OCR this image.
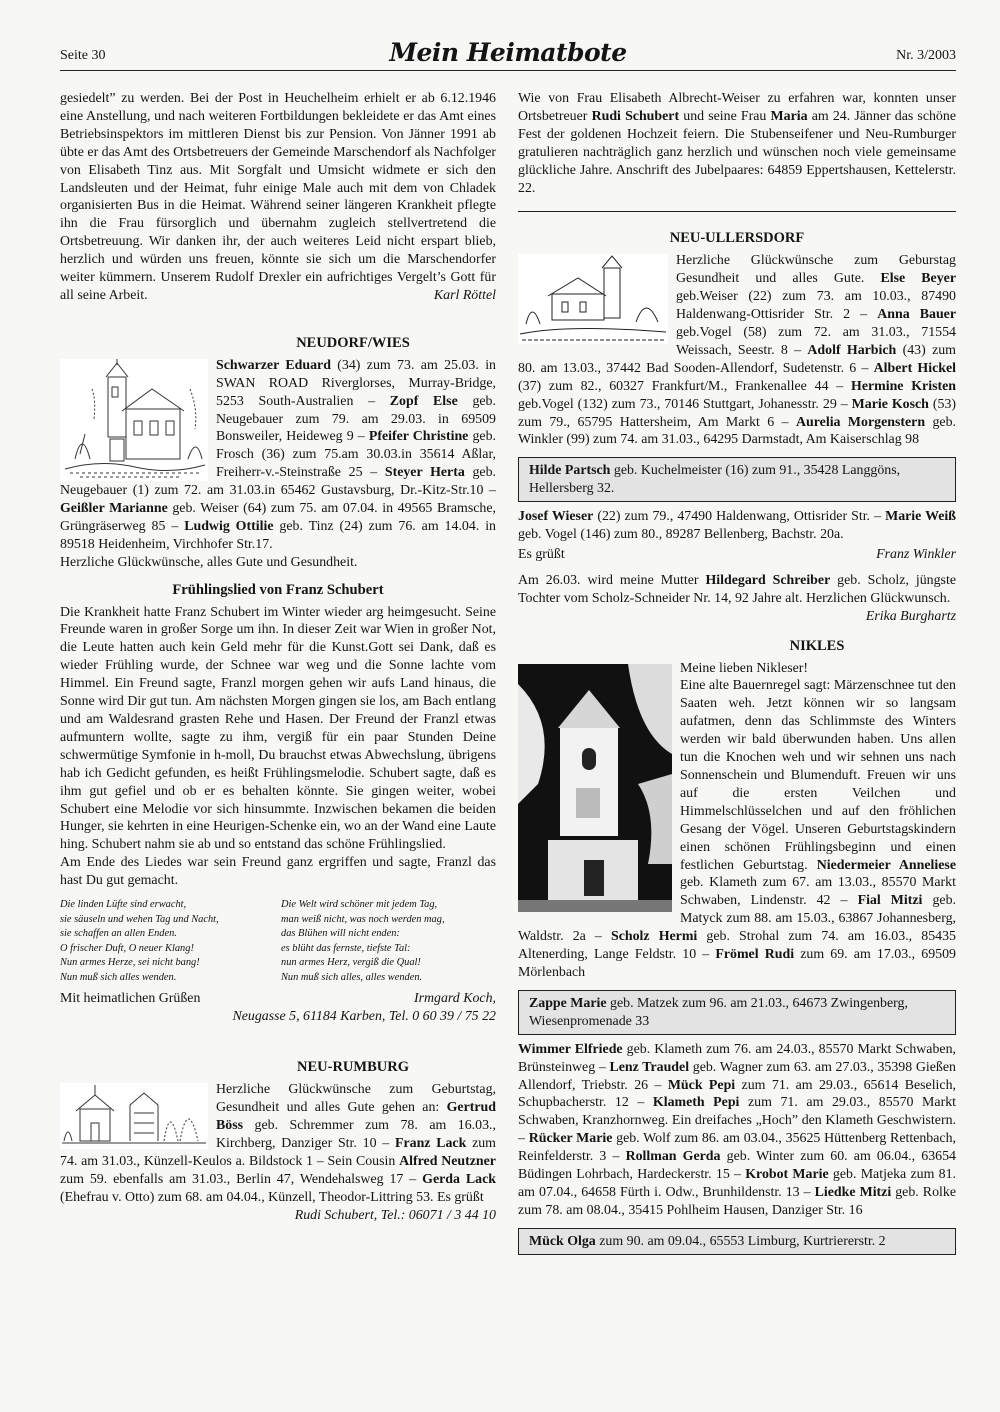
Seite 30	Mein Heimatbote	Nr. 3/2003

gesiedelt” zu werden. Bei der Post in Heuchelheim erhielt er ab 6.12.1946 eine Anstellung, und nach weiteren Fortbildungen bekleidete er das Amt eines Betriebsinspektors im mittleren Dienst bis zur Pension. Von Jänner 1991 ab übte er das Amt des Ortsbetreuers der Gemeinde Marschendorf als Nachfolger von Elisabeth Tinz aus. Mit Sorgfalt und Umsicht widmete er sich den Landsleuten und der Heimat, fuhr einige Male auch mit dem von Chladek organisierten Bus in die Heimat. Während seiner längeren Krankheit pflegte ihn die Frau fürsorglich und übernahm zugleich stellvertretend die Ortsbetreuung. Wir danken ihr, der auch weiteres Leid nicht erspart blieb, herzlich und würden uns freuen, könnte sie sich um die Marschendorfer weiter kümmern. Unserem Rudolf Drexler ein aufrichtiges Vergelt’s Gott für all seine Arbeit.	Karl Röttel

NEUDORF/WIES

Schwarzer Eduard (34) zum 73. am 25.03. in SWAN ROAD Riverglorses, Murray-Bridge, 5253 South-Australien – Zopf Else geb. Neugebauer zum 79. am 29.03. in 69509 Bonsweiler, Heideweg 9 – Pfeifer Christine geb. Frosch (36) zum 75.am 30.03.in 35614 Aßlar, Freiherr-v.-Steinstraße 25 – Steyer Herta geb. Neugebauer (1) zum 72. am 31.03.in 65462 Gustavsburg, Dr.-Kitz-Str.10 – Geißler Marianne geb. Weiser (64) zum 75. am 07.04. in 49565 Bramsche, Grüngräserweg 85 – Ludwig Ottilie geb. Tinz (24) zum 76. am 14.04. in 89518 Heidenheim, Virchhofer Str.17.

Herzliche Glückwünsche, alles Gute und Gesundheit.

Frühlingslied von Franz Schubert

Die Krankheit hatte Franz Schubert im Winter wieder arg heimgesucht. Seine Freunde waren in großer Sorge um ihn. In dieser Zeit war Wien in großer Not, die Leute hatten auch kein Geld mehr für die Kunst.Gott sei Dank, daß es wieder Frühling wurde, der Schnee war weg und die Sonne lachte vom Himmel. Ein Freund sagte, Franzl morgen gehen wir aufs Land hinaus, die Sonne wird Dir gut tun. Am nächsten Morgen gingen sie los, am Bach entlang und am Waldesrand grasten Rehe und Hasen. Der Freund der Franzl etwas aufmuntern wollte, sagte zu ihm, vergiß für ein paar Stunden Deine schwermütige Symfonie in h-moll, Du brauchst etwas Abwechslung, übrigens hab ich Gedicht gefunden, es heißt Frühlingsmelodie. Schubert sagte, daß es ihm gut gefiel und ob er es behalten könnte. Sie gingen weiter, wobei Schubert eine Melodie vor sich hinsummte. Inzwischen bekamen die beiden Hunger, sie kehrten in eine Heurigen-Schenke ein, wo an der Wand eine Laute hing. Schubert nahm sie ab und so entstand das schöne Frühlingslied.

Am Ende des Liedes war sein Freund ganz ergriffen und sagte, Franzl das hast Du gut gemacht.

Die linden Lüfte sind erwacht,
sie säuseln und wehen Tag und Nacht,
sie schaffen an allen Enden.
O frischer Duft, O neuer Klang!
Nun armes Herze, sei nicht bang!
Nun muß sich alles wenden.
Die Welt wird schöner mit jedem Tag,
man weiß nicht, was noch werden mag,
das Blühen will nicht enden:
es blüht das fernste, tiefste Tal:
nun armes Herz, vergiß die Qual!
Nun muß sich alles, alles wenden.

Mit heimatlichen Grüßen	Irmgard Koch,

Neugasse 5, 61184 Karben, Tel. 0 60 39 / 75 22

NEU-RUMBURG

Herzliche Glückwünsche zum Geburtstag, Gesundheit und alles Gute gehen an: Gertrud Böss geb. Schremmer zum 78. am 16.03., Kirchberg, Danziger Str. 10 – Franz Lack zum 74. am 31.03., Künzell-Keulos a. Bildstock 1 – Sein Cousin Alfred Neutzner zum 59. ebenfalls am 31.03., Berlin 47, Wendehalsweg 17 – Gerda Lack (Ehefrau v. Otto) zum 68. am 04.04., Künzell, Theodor-Littring 53. Es grüßt

Rudi Schubert, Tel.: 06071 / 3 44 10

Wie von Frau Elisabeth Albrecht-Weiser zu erfahren war, konnten unser Ortsbetreuer Rudi Schubert und seine Frau Maria am 24. Jänner das schöne Fest der goldenen Hochzeit feiern. Die Stubenseifener und Neu-Rumburger gratulieren nachträglich ganz herzlich und wünschen noch viele gemeinsame glückliche Jahre. Anschrift des Jubelpaares: 64859 Eppertshausen, Kettelerstr. 22.

NEU-ULLERSDORF

Herzliche Glückwünsche zum Geburstag Gesundheit und alles Gute. Else Beyer geb.Weiser (22) zum 73. am 10.03., 87490 Haldenwang-Ottisrider Str. 2 – Anna Bauer geb.Vogel (58) zum 72. am 31.03., 71554 Weissach, Seestr. 8 – Adolf Harbich (43) zum 80. am 13.03., 37442 Bad Sooden-Allendorf, Sudetenstr. 6 – Albert Hickel (37) zum 82., 60327 Frankfurt/M., Frankenallee 44 – Hermine Kristen geb.Vogel (132) zum 73., 70146 Stuttgart, Johanesstr. 29 – Marie Kosch (53) zum 79., 65795 Hattersheim, Am Markt 6 – Aurelia Morgenstern geb. Winkler (99) zum 74. am 31.03., 64295 Darmstadt, Am Kaiserschlag 98

Hilde Partsch geb. Kuchelmeister (16) zum 91., 35428 Langgöns, Hellersberg 32.

Josef Wieser (22) zum 79., 47490 Haldenwang, Ottisrider Str. – Marie Weiß geb. Vogel (146) zum 80., 89287 Bellenberg, Bachstr. 20a.

Es grüßt	Franz Winkler

Am 26.03. wird meine Mutter Hildegard Schreiber geb. Scholz, jüngste Tochter vom Scholz-Schneider Nr. 14, 92 Jahre alt. Herzlichen Glückwunsch.
Erika Burghartz

NIKLES

Meine lieben Nikleser!

Eine alte Bauernregel sagt: Märzenschnee tut den Saaten weh. Jetzt können wir so langsam aufatmen, denn das Schlimmste des Winters werden wir bald überwunden haben. Uns allen tun die Knochen weh und wir sehnen uns nach Sonnenschein und Blumenduft. Freuen wir uns auf die ersten Veilchen und Himmelschlüsselchen und auf den fröhlichen Gesang der Vögel. Unseren Geburtstagskindern einen schönen Frühlingsbeginn und einen festlichen Geburtstag. Niedermeier Anneliese geb. Klameth zum 67. am 13.03., 85570 Markt Schwaben, Lindenstr. 42 – Fial Mitzi geb. Matyck zum 88. am 15.03., 63867 Johannesberg, Waldstr. 2a – Scholz Hermi geb. Strohal zum 74. am 16.03., 85435 Altenerding, Lange Feldstr. 10 – Frömel Rudi zum 69. am 17.03., 69509 Mörlenbach

Zappe Marie geb. Matzek zum 96. am 21.03., 64673 Zwingenberg, Wiesenpromenade 33

Wimmer Elfriede geb. Klameth zum 76. am 24.03., 85570 Markt Schwaben, Brünsteinweg – Lenz Traudel geb. Wagner zum 63. am 27.03., 35398 Gießen Allendorf, Triebstr. 26 – Mück Pepi zum 71. am 29.03., 65614 Beselich, Schupbacherstr. 12 – Klameth Pepi zum 71. am 29.03., 85570 Markt Schwaben, Kranzhornweg. Ein dreifaches „Hoch” den Klameth Geschwistern. – Rücker Marie geb. Wolf zum 86. am 03.04., 35625 Hüttenberg Rettenbach, Reinfelderstr. 3 – Rollman Gerda geb. Winter zum 60. am 06.04., 63654 Büdingen Lohrbach, Hardeckerstr. 15 – Krobot Marie geb. Matjeka zum 81. am 07.04., 64658 Fürth i. Odw., Brunhildenstr. 13 – Liedke Mitzi geb. Rolke zum 78. am 08.04., 35415 Pohlheim Hausen, Danziger Str. 16

Mück Olga zum 90. am 09.04., 65553 Limburg, Kurtriererstr. 2
